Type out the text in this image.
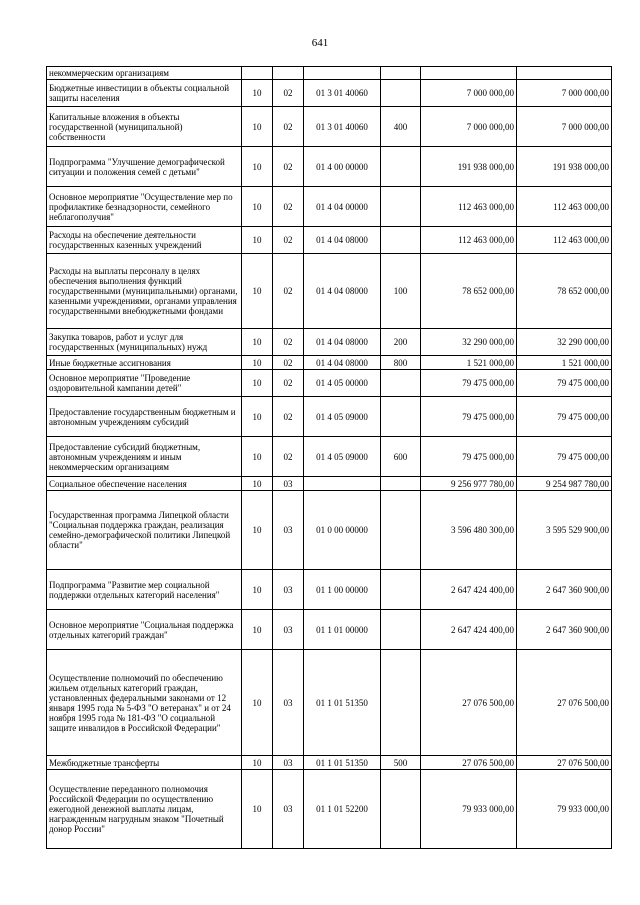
641
некоммерческим организациям						
Бюджетные инвестиции в объекты социальной защиты населения	10	02	01 3 01 40060		7 000 000,00	7 000 000,00
Капитальные вложения в объекты государственной (муниципальной) собственности	10	02	01 3 01 40060	400	7 000 000,00	7 000 000,00
Подпрограмма "Улучшение демографической ситуации и положения семей с детьми"	10	02	01 4 00 00000		191 938 000,00	191 938 000,00
Основное мероприятие "Осуществление мер по профилактике безнадзорности, семейного неблагополучия"	10	02	01 4 04 00000		112 463 000,00	112 463 000,00
Расходы на обеспечение деятельности государственных казенных учреждений	10	02	01 4 04 08000		112 463 000,00	112 463 000,00
Расходы на выплаты персоналу в целях обеспечения выполнения функций государственными (муниципальными) органами, казенными учреждениями, органами управления государственными внебюджетными фондами	10	02	01 4 04 08000	100	78 652 000,00	78 652 000,00
Закупка товаров, работ и услуг для государственных (муниципальных) нужд	10	02	01 4 04 08000	200	32 290 000,00	32 290 000,00
Иные бюджетные ассигнования	10	02	01 4 04 08000	800	1 521 000,00	1 521 000,00
Основное мероприятие "Проведение оздоровительной кампании детей"	10	02	01 4 05 00000		79 475 000,00	79 475 000,00
Предоставление государственным бюджетным и автономным учреждениям субсидий	10	02	01 4 05 09000		79 475 000,00	79 475 000,00
Предоставление субсидий бюджетным, автономным учреждениям и иным некоммерческим организациям	10	02	01 4 05 09000	600	79 475 000,00	79 475 000,00
Социальное обеспечение населения	10	03			9 256 977 780,00	9 254 987 780,00
Государственная программа Липецкой области "Социальная поддержка граждан, реализация семейно-демографической политики Липецкой области"	10	03	01 0 00 00000		3 596 480 300,00	3 595 529 900,00
Подпрограмма "Развитие мер социальной поддержки отдельных категорий населения"	10	03	01 1 00 00000		2 647 424 400,00	2 647 360 900,00
Основное мероприятие "Социальная поддержка отдельных категорий граждан"	10	03	01 1 01 00000		2 647 424 400,00	2 647 360 900,00
Осуществление полномочий по обеспечению жильем отдельных категорий граждан, установленных федеральными законами от 12 января 1995 года № 5-ФЗ "О ветеранах" и от 24 ноября 1995 года № 181-ФЗ "О социальной защите инвалидов в Российской Федерации"	10	03	01 1 01 51350		27 076 500,00	27 076 500,00
Межбюджетные трансферты	10	03	01 1 01 51350	500	27 076 500,00	27 076 500,00
Осуществление переданного полномочия Российской Федерации по осуществлению ежегодной денежной выплаты лицам, награжденным нагрудным знаком "Почетный донор России"	10	03	01 1 01 52200		79 933 000,00	79 933 000,00
